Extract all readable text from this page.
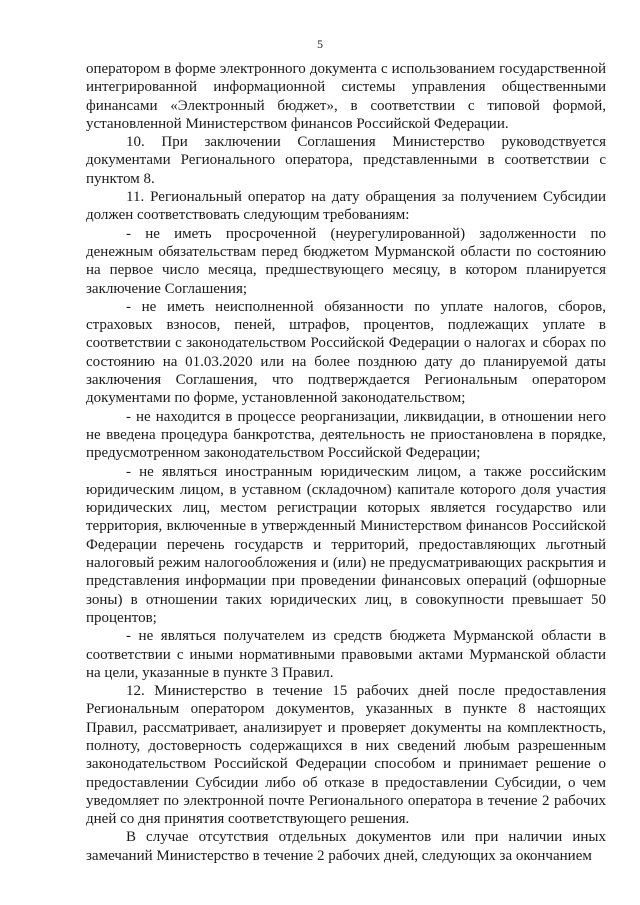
5

оператором в форме электронного документа с использованием государственной интегрированной информационной системы управления общественными финансами «Электронный бюджет», в соответствии с типовой формой, установленной Министерством финансов Российской Федерации.

10. При заключении Соглашения Министерство руководствуется документами Регионального оператора, представленными в соответствии с пунктом 8.

11. Региональный оператор на дату обращения за получением Субсидии должен соответствовать следующим требованиям:

- не иметь просроченной (неурегулированной) задолженности по денежным обязательствам перед бюджетом Мурманской области по состоянию на первое число месяца, предшествующего месяцу, в котором планируется заключение Соглашения;

- не иметь неисполненной обязанности по уплате налогов, сборов, страховых взносов, пеней, штрафов, процентов, подлежащих уплате в соответствии с законодательством Российской Федерации о налогах и сборах по состоянию на 01.03.2020 или на более позднюю дату до планируемой даты заключения Соглашения, что подтверждается Региональным оператором документами по форме, установленной законодательством;

- не находится в процессе реорганизации, ликвидации, в отношении него не введена процедура банкротства, деятельность не приостановлена в порядке, предусмотренном законодательством Российской Федерации;

- не являться иностранным юридическим лицом, а также российским юридическим лицом, в уставном (складочном) капитале которого доля участия юридических лиц, местом регистрации которых является государство или территория, включенные в утвержденный Министерством финансов Российской Федерации перечень государств и территорий, предоставляющих льготный налоговый режим налогообложения и (или) не предусматривающих раскрытия и представления информации при проведении финансовых операций (офшорные зоны) в отношении таких юридических лиц, в совокупности превышает 50 процентов;

- не являться получателем из средств бюджета Мурманской области в соответствии с иными нормативными правовыми актами Мурманской области на цели, указанные в пункте 3 Правил.

12. Министерство в течение 15 рабочих дней после предоставления Региональным оператором документов, указанных в пункте 8 настоящих Правил, рассматривает, анализирует и проверяет документы на комплектность, полноту, достоверность содержащихся в них сведений любым разрешенным законодательством Российской Федерации способом и принимает решение о предоставлении Субсидии либо об отказе в предоставлении Субсидии, о чем уведомляет по электронной почте Регионального оператора в течение 2 рабочих дней со дня принятия соответствующего решения.

В случае отсутствия отдельных документов или при наличии иных замечаний Министерство в течение 2 рабочих дней, следующих за окончанием
